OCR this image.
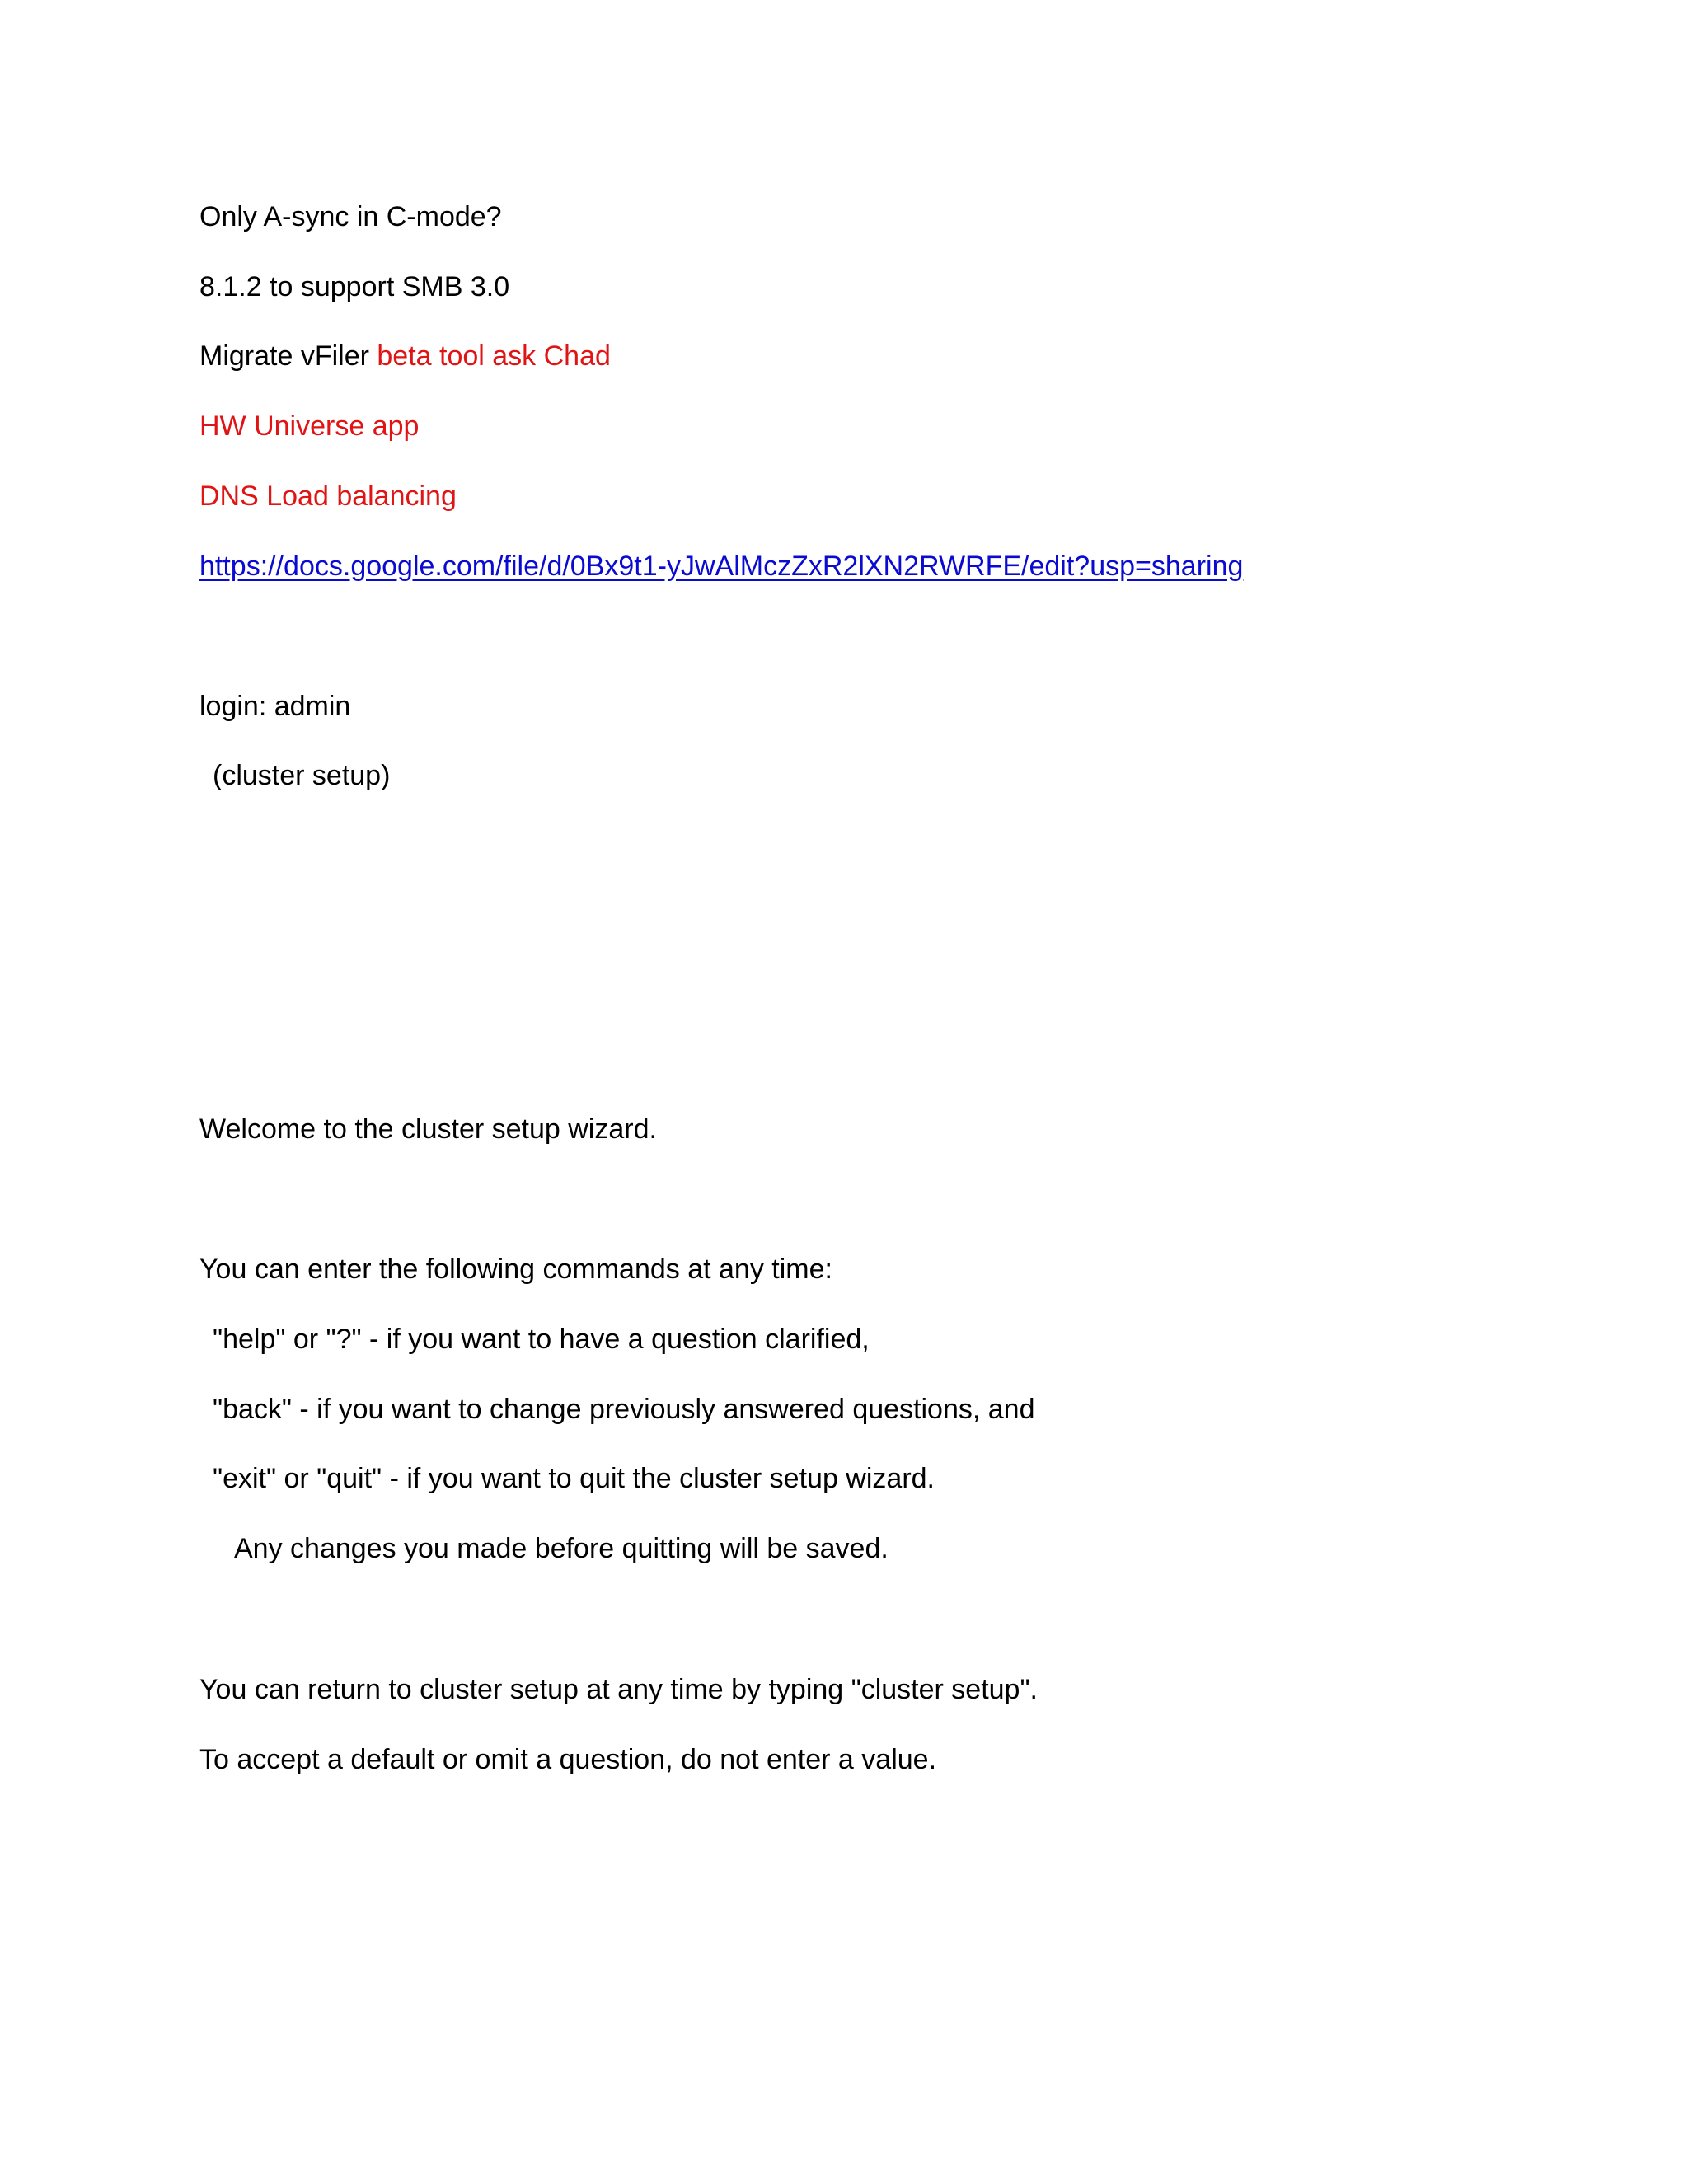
Only A-sync in C-mode?
8.1.2 to support SMB 3.0
Migrate vFiler beta tool ask Chad
HW Universe app
DNS Load balancing
https://docs.google.com/file/d/0Bx9t1-yJwAlMczZxR2lXN2RWRFE/edit?usp=sharing
login: admin
(cluster setup)
Welcome to the cluster setup wizard.
You can enter the following commands at any time:
"help" or "?" - if you want to have a question clarified,
"back" - if you want to change previously answered questions, and
"exit" or "quit" - if you want to quit the cluster setup wizard.
Any changes you made before quitting will be saved.
You can return to cluster setup at any time by typing "cluster setup".
To accept a default or omit a question, do not enter a value.
